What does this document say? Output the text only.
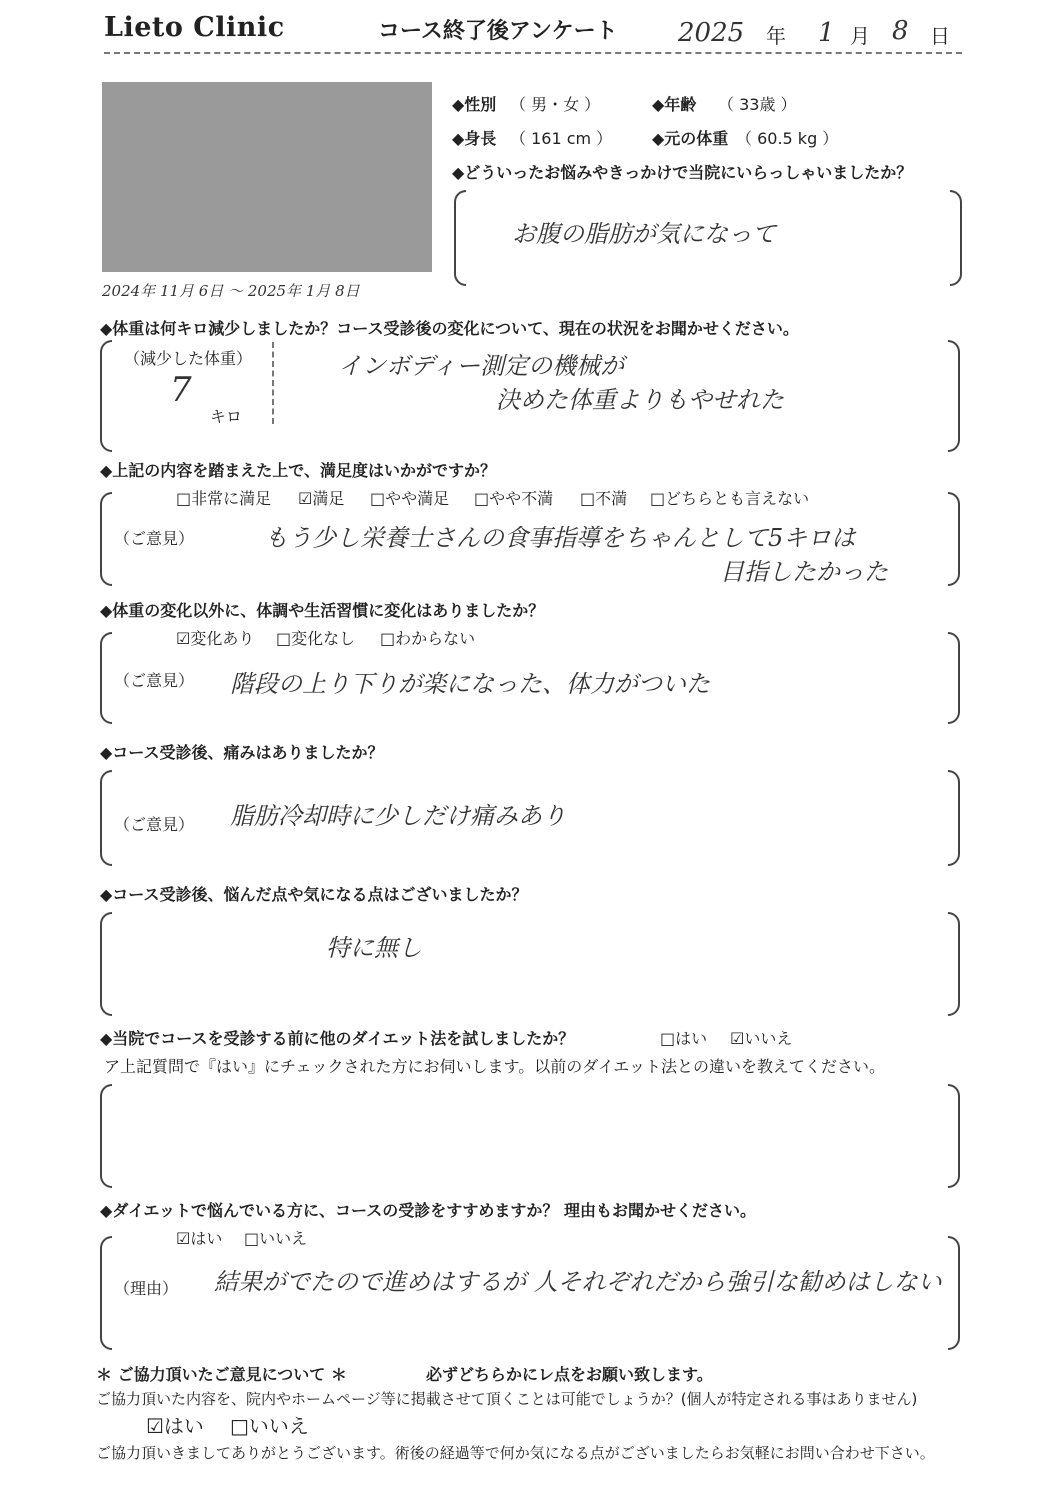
Lieto Clinic	コース終了後アンケート 2025 年 1 月 8 日
◆性別 （ 男・女 ）	◆年齢 （ 33歳 ）
◆身長 （ 161 cm ） ◆元の体重 （ 60.5 kg ）
◆どういったお悩みやきっかけで当院にいらっしゃいましたか？
お腹の脂肪が気になって
2024年 11月 6日 〜 2025年 1月 8日
◆体重は何キロ減少しましたか？コース受診後の変化について、現在の状況をお聞かせください。
（減少した体重）
7
キロ
インボディー測定の機械が
決めた体重よりもやせれた
◆上記の内容を踏まえた上で、満足度はいかがですか？
□非常に満足 ☑満足 □やや満足 □やや不満 □不満 □どちらとも言えない
（ご意見）	もう少し栄養士さんの食事指導をちゃんとして5キロは
目指したかった
◆体重の変化以外に、体調や生活習慣に変化はありましたか？
☑変化あり □変化なし □わからない
（ご意見） 階段の上り下りが楽になった、体力がついた
◆コース受診後、痛みはありましたか？
（ご意見） 脂肪冷却時に少しだけ痛みあり
◆コース受診後、悩んだ点や気になる点はございましたか？
特に無し
◆当院でコースを受診する前に他のダイエット法を試しましたか？	□はい ☑いいえ
ア上記質問で『はい』にチェックされた方にお伺いします。以前のダイエット法との違いを教えてください。
◆ダイエットで悩んでいる方に、コースの受診をすすめますか？ 理由もお聞かせください。
☑はい □いいえ
（理由） 結果がでたので進めはするが 人それぞれだから強引な勧めはしない
＊ ご協力頂いたご意見について ＊	必ずどちらかにレ点をお願い致します。
ご協力頂いた内容を、院内やホームページ等に掲載させて頂くことは可能でしょうか？(個人が特定される事はありません)
☑はい □いいえ
ご協力頂いきましてありがとうございます。術後の経過等で何か気になる点がございましたらお気軽にお問い合わせ下さい。
